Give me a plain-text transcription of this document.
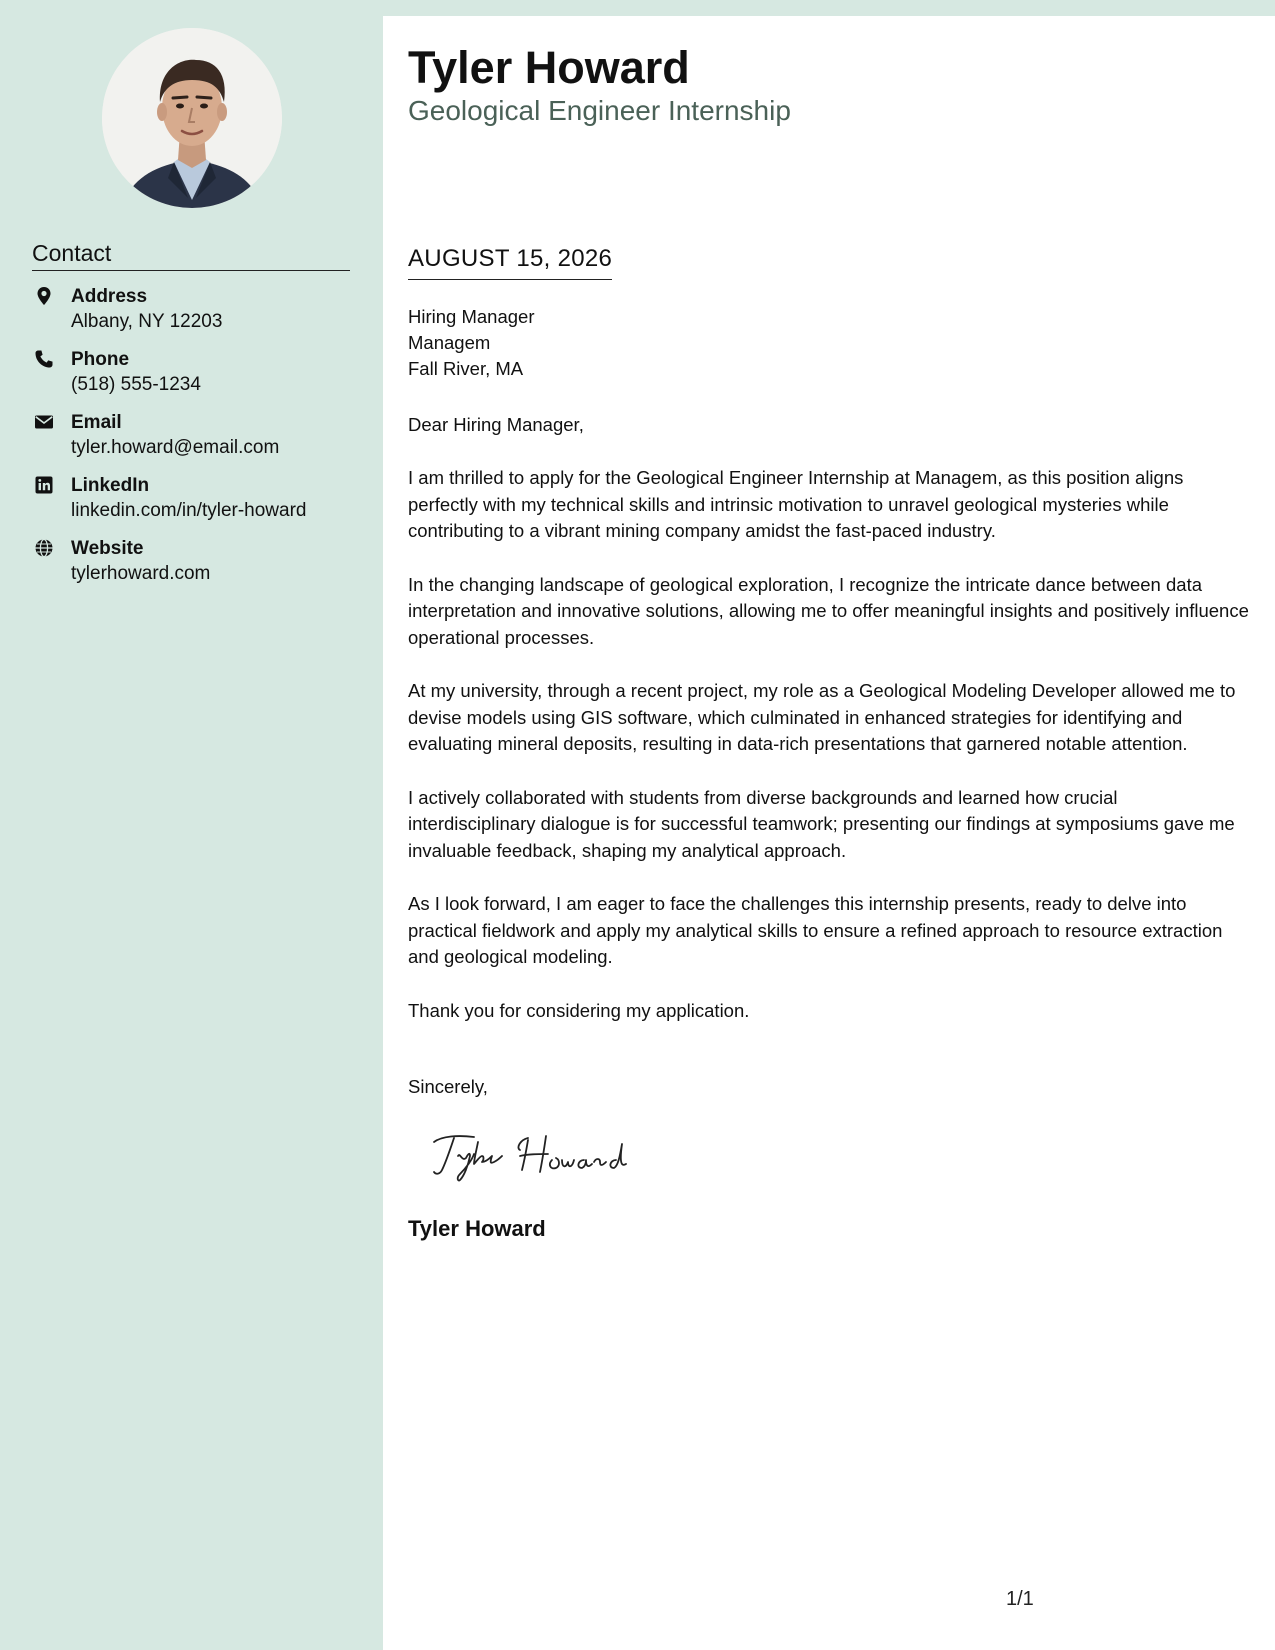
Contact
Address
Albany, NY 12203
Phone
(518) 555-1234
Email
tyler.howard@email.com
LinkedIn
linkedin.com/in/tyler-howard
Website
tylerhoward.com
Tyler Howard
Geological Engineer Internship
AUGUST 15, 2026
Hiring Manager
Managem
Fall River, MA
Dear Hiring Manager,

I am thrilled to apply for the Geological Engineer Internship at Managem, as this position aligns perfectly with my technical skills and intrinsic motivation to unravel geological mysteries while contributing to a vibrant mining company amidst the fast-paced industry.

In the changing landscape of geological exploration, I recognize the intricate dance between data interpretation and innovative solutions, allowing me to offer meaningful insights and positively influence operational processes.

At my university, through a recent project, my role as a Geological Modeling Developer allowed me to devise models using GIS software, which culminated in enhanced strategies for identifying and evaluating mineral deposits, resulting in data-rich presentations that garnered notable attention.

I actively collaborated with students from diverse backgrounds and learned how crucial interdisciplinary dialogue is for successful teamwork; presenting our findings at symposiums gave me invaluable feedback, shaping my analytical approach.

As I look forward, I am eager to face the challenges this internship presents, ready to delve into practical fieldwork and apply my analytical skills to ensure a refined approach to resource extraction and geological modeling.

Thank you for considering my application.

Sincerely,
Tyler Howard
1/1
